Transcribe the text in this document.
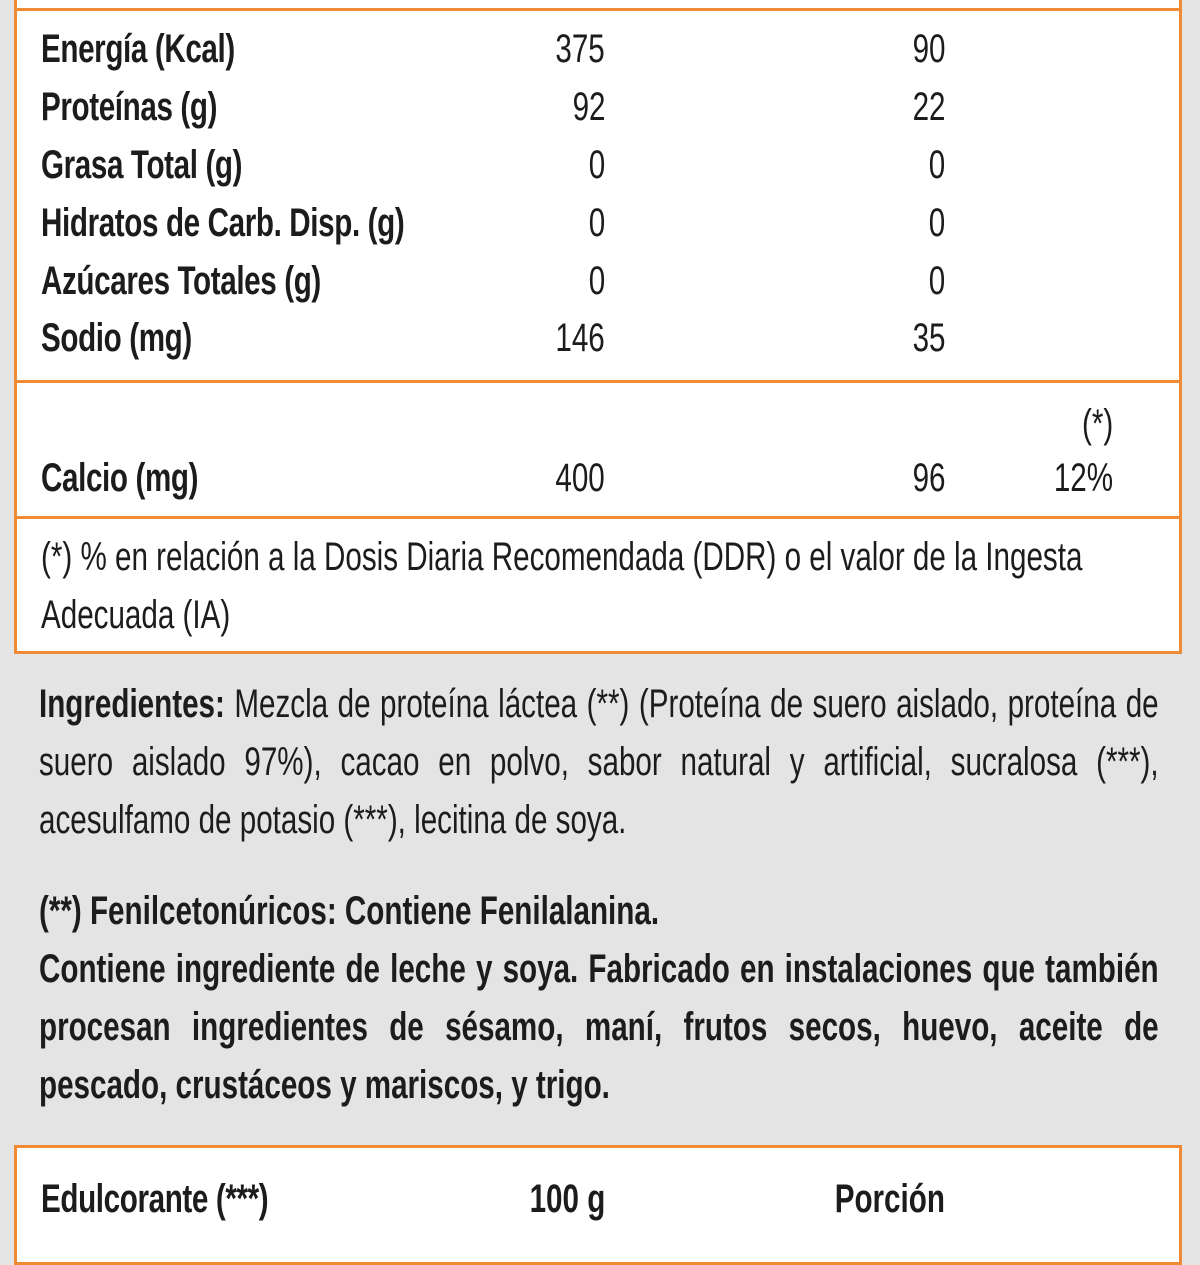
Energía (Kcal)	375	90
Proteínas (g)	92	22
Grasa Total (g)	0	0
Hidratos de Carb. Disp. (g)	0	0
Azúcares Totales (g)	0	0
Sodio (mg)	146	35
(*)
Calcio (mg)	400	96	12%
(*) % en relación a la Dosis Diaria Recomendada (DDR) o el valor de la Ingesta Adecuada (IA)
Ingredientes: Mezcla de proteína láctea (**) (Proteína de suero aislado, proteína de suero aislado 97%), cacao en polvo, sabor natural y artificial, sucralosa (***), acesulfamo de potasio (***), lecitina de soya.
(**) Fenilcetonúricos: Contiene Fenilalanina.
Contiene ingrediente de leche y soya. Fabricado en instalaciones que también procesan ingredientes de sésamo, maní, frutos secos, huevo, aceite de pescado, crustáceos y mariscos, y trigo.
Edulcorante (***)	100 g	Porción
